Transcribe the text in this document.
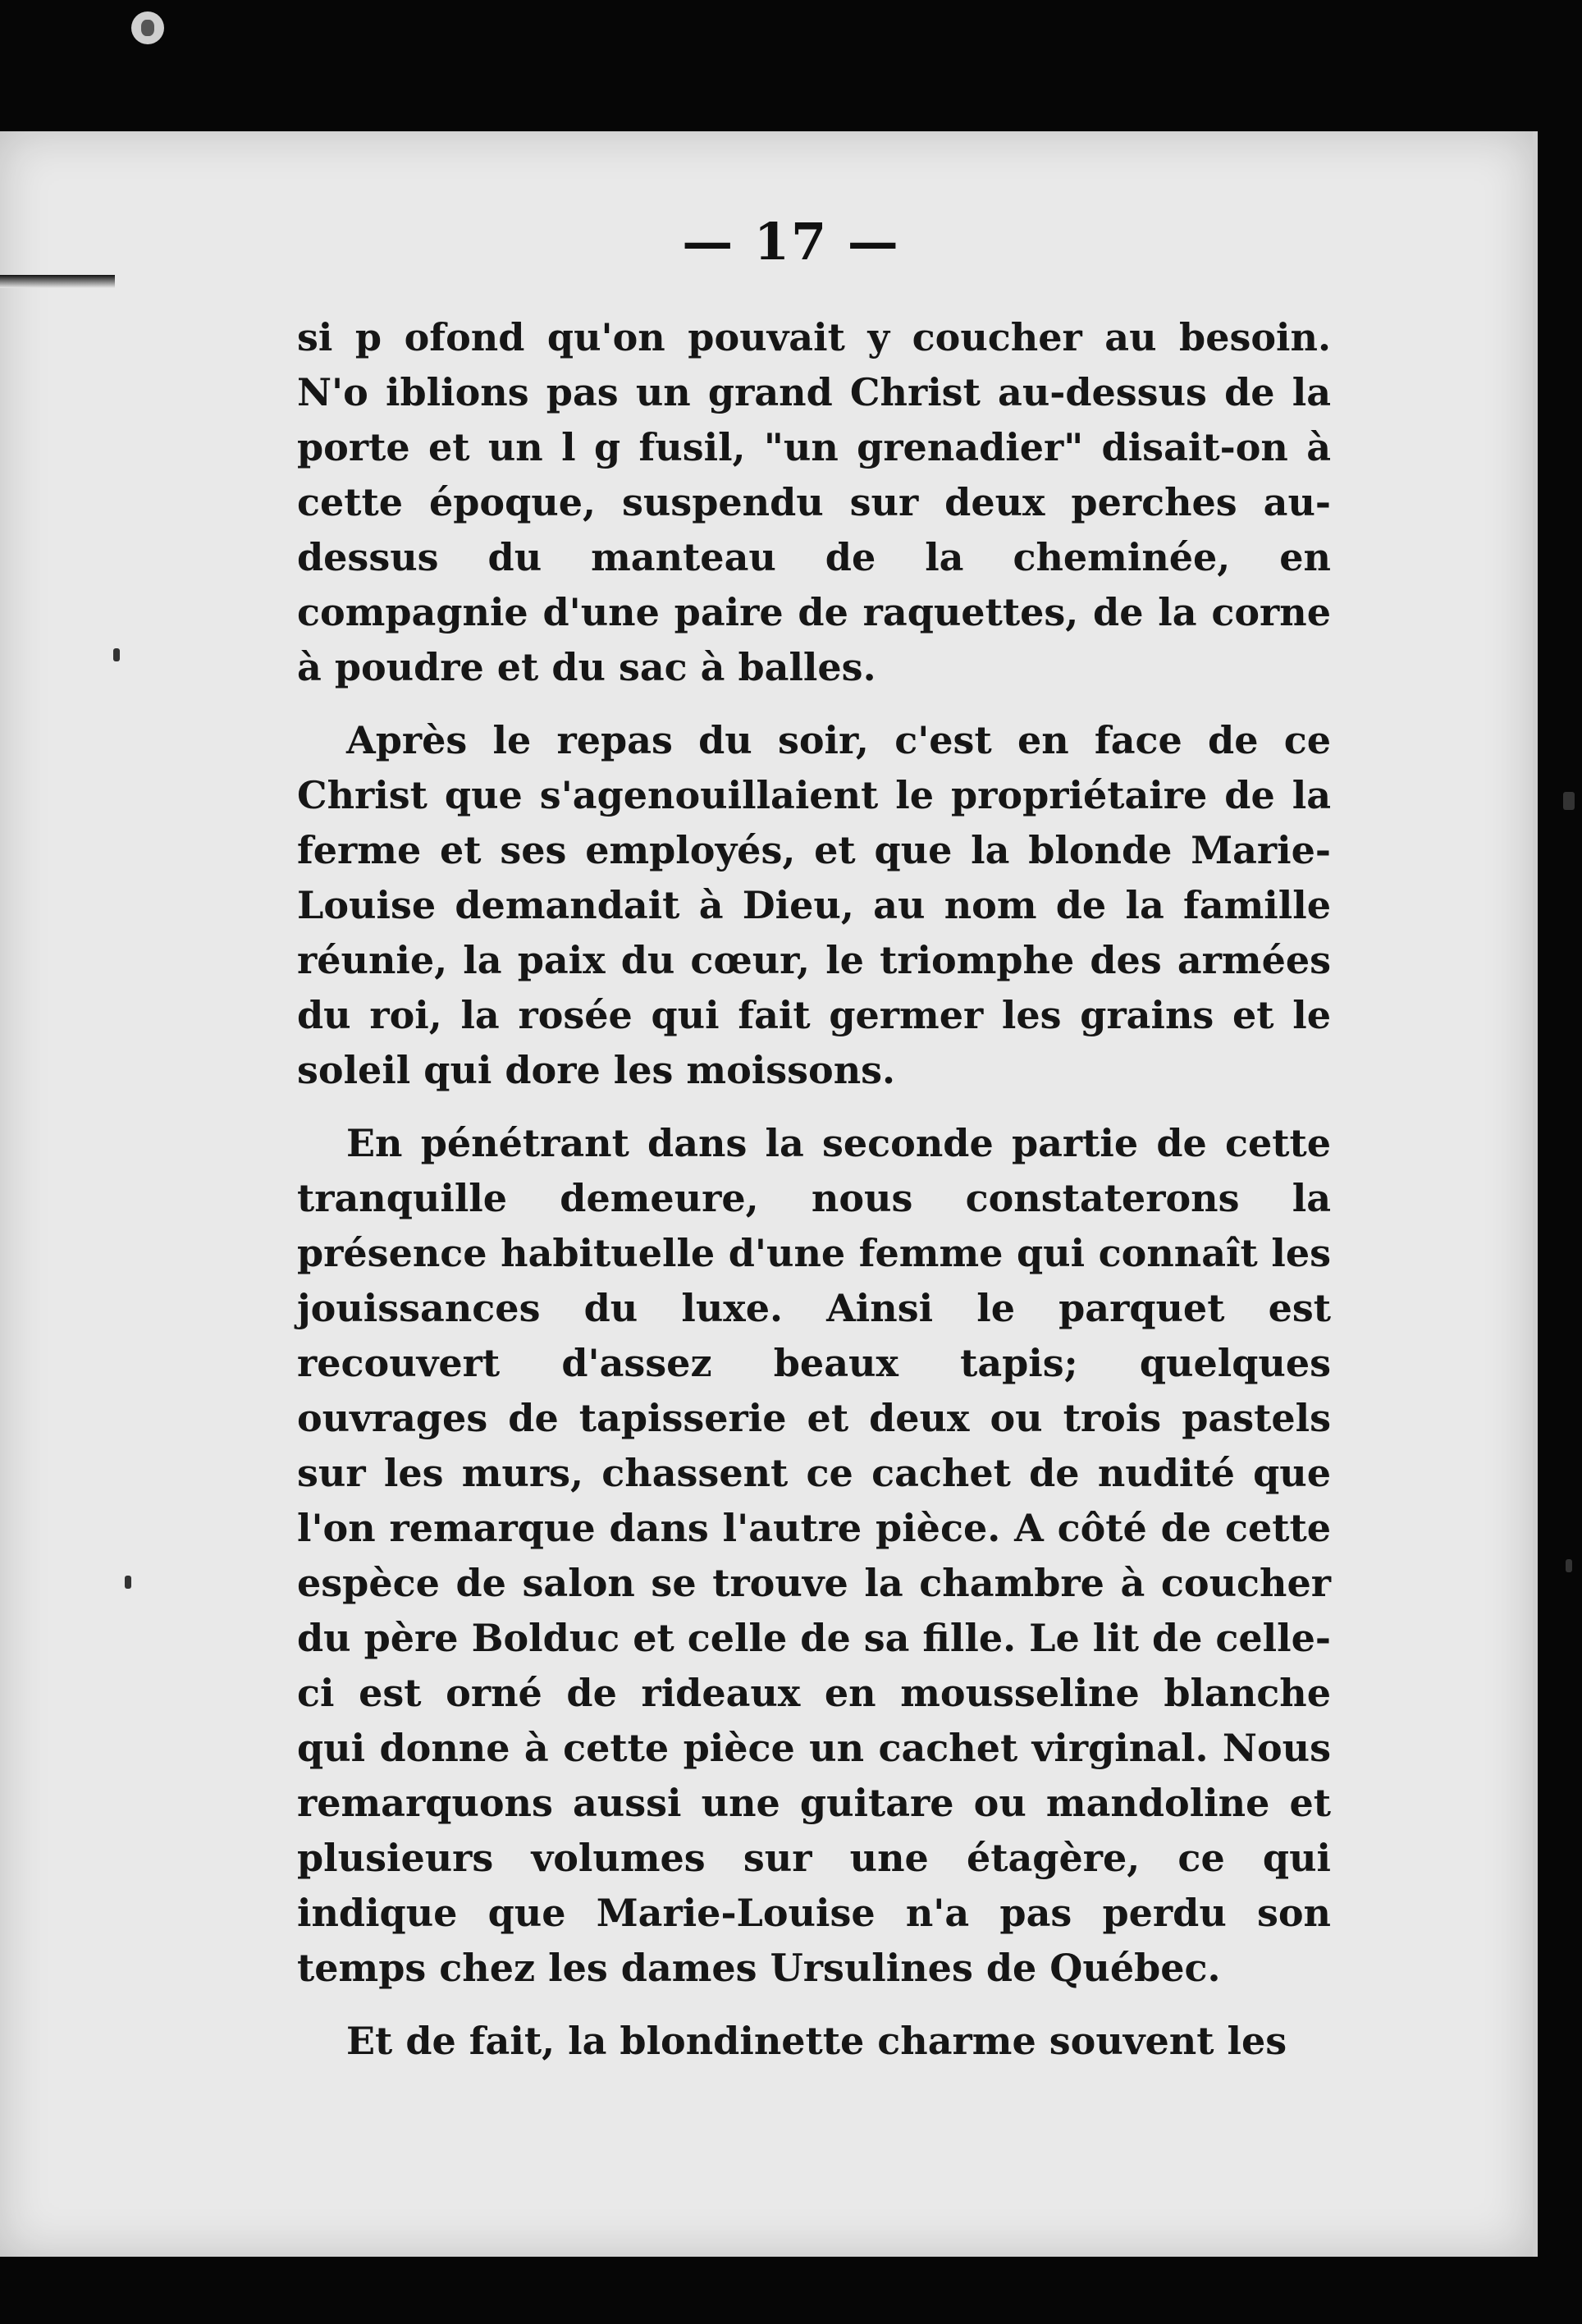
— 17 —

si p ofond qu'on pouvait y coucher au besoin. N'o iblions pas un grand Christ au-dessus de la porte et un l g fusil, "un grenadier" disait-on à cette époque, suspendu sur deux perches au-dessus du manteau de la cheminée, en compagnie d'une paire de raquettes, de la corne à poudre et du sac à balles.

Après le repas du soir, c'est en face de ce Christ que s'agenouillaient le propriétaire de la ferme et ses employés, et que la blonde Marie-Louise demandait à Dieu, au nom de la famille réunie, la paix du cœur, le triomphe des armées du roi, la rosée qui fait germer les grains et le soleil qui dore les moissons.

En pénétrant dans la seconde partie de cette tranquille demeure, nous constaterons la présence habituelle d'une femme qui connaît les jouissances du luxe. Ainsi le parquet est recouvert d'assez beaux tapis; quelques ouvrages de tapisserie et deux ou trois pastels sur les murs, chassent ce cachet de nudité que l'on remarque dans l'autre pièce. A côté de cette espèce de salon se trouve la chambre à coucher du père Bolduc et celle de sa fille. Le lit de celle-ci est orné de rideaux en mousseline blanche qui donne à cette pièce un cachet virginal. Nous remarquons aussi une guitare ou mandoline et plusieurs volumes sur une étagère, ce qui indique que Marie-Louise n'a pas perdu son temps chez les dames Ursulines de Québec.

Et de fait, la blondinette charme souvent les
